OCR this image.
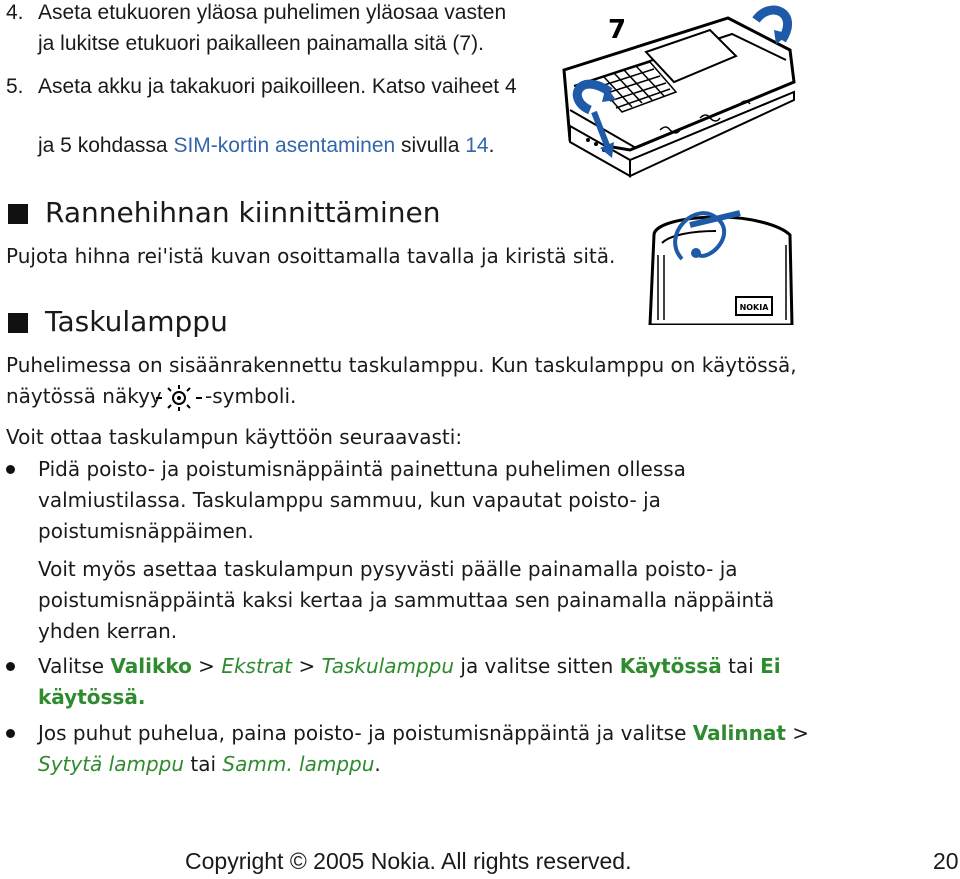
4. Aseta etukuoren yläosa puhelimen yläosaa vasten
ja lukitse etukuori paikalleen painamalla sitä (7).
5. Aseta akku ja takakuori paikoilleen. Katso vaiheet 4
ja 5 kohdassa SIM-kortin asentaminen sivulla 14.
7
Rannehihnan kiinnittäminen
Pujota hihna rei'istä kuvan osoittamalla tavalla ja kiristä sitä.
NOKIA
Taskulamppu
Puhelimessa on sisäänrakennettu taskulamppu. Kun taskulamppu on käytössä,
näytössä näkyy -symboli.
Voit ottaa taskulampun käyttöön seuraavasti:
Pidä poisto- ja poistumisnäppäintä painettuna puhelimen ollessa
valmiustilassa. Taskulamppu sammuu, kun vapautat poisto- ja
poistumisnäppäimen.
Voit myös asettaa taskulampun pysyvästi päälle painamalla poisto- ja
poistumisnäppäintä kaksi kertaa ja sammuttaa sen painamalla näppäintä
yhden kerran.
Valitse Valikko > Ekstrat > Taskulamppu ja valitse sitten Käytössä tai Ei
käytössä.
Jos puhut puhelua, paina poisto- ja poistumisnäppäintä ja valitse Valinnat >
Sytytä lamppu tai Samm. lamppu.
Copyright © 2005 Nokia. All rights reserved.	20
